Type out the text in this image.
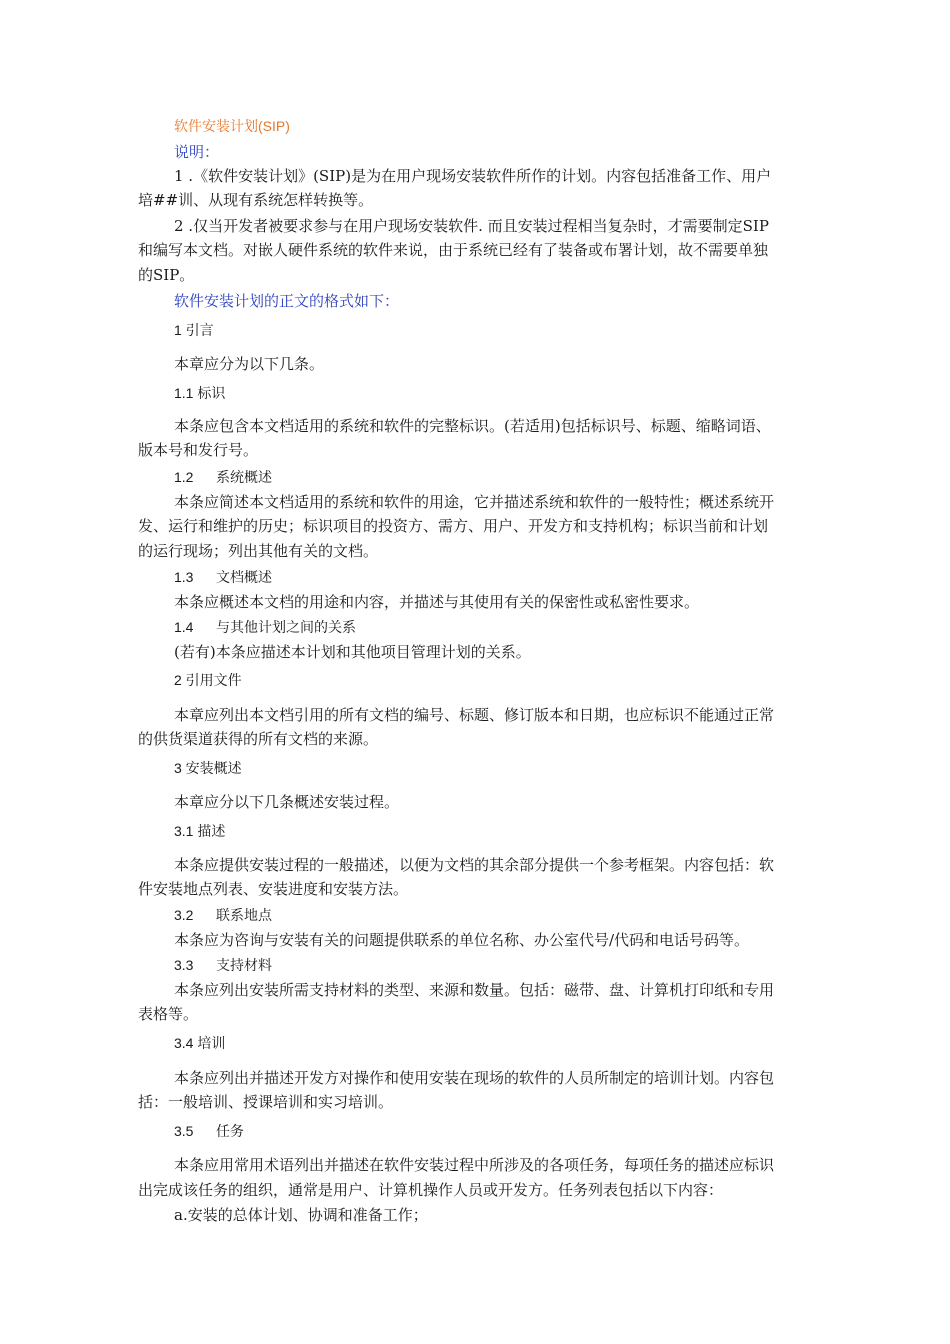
软件安装计划(SIP)
说明：
1 .《软件安装计划》(SIP)是为在用户现场安装软件所作的计划。内容包括准备工作、用户
培##训、从现有系统怎样转换等。
2 .仅当开发者被要求参与在用户现场安装软件. 而且安装过程相当复杂时，才需要制定SIP
和编写本文档。对嵌人硬件系统的软件来说，由于系统已经有了装备或布署计划，故不需要单独
的SIP。
软件安装计划的正文的格式如下：
1 引言
本章应分为以下几条。
1.1 标识
本条应包含本文档适用的系统和软件的完整标识。(若适用)包括标识号、标题、缩略词语、
版本号和发行号。
1.2 系统概述
本条应简述本文档适用的系统和软件的用途，它并描述系统和软件的一般特性；概述系统开
发、运行和维护的历史；标识项目的投资方、需方、用户、开发方和支持机构；标识当前和计划
的运行现场；列出其他有关的文档。
1.3 文档概述
本条应概述本文档的用途和内容，并描述与其使用有关的保密性或私密性要求。
1.4 与其他计划之间的关系
(若有)本条应描述本计划和其他项目管理计划的关系。
2 引用文件
本章应列出本文档引用的所有文档的编号、标题、修订版本和日期，也应标识不能通过正常
的供货渠道获得的所有文档的来源。
3 安装概述
本章应分以下几条概述安装过程。
3.1 描述
本条应提供安装过程的一般描述，以便为文档的其余部分提供一个参考框架。内容包括：软
件安装地点列表、安装进度和安装方法。
3.2 联系地点
本条应为咨询与安装有关的问题提供联系的单位名称、办公室代号/代码和电话号码等。
3.3 支持材料
本条应列出安装所需支持材料的类型、来源和数量。包括：磁带、盘、计算机打印纸和专用
表格等。
3.4 培训
本条应列出并描述开发方对操作和使用安装在现场的软件的人员所制定的培训计划。内容包
括：一般培训、授课培训和实习培训。
3.5 任务
本条应用常用术语列出并描述在软件安装过程中所涉及的各项任务，每项任务的描述应标识
出完成该任务的组织，通常是用户、计算机操作人员或开发方。任务列表包括以下内容：
a.安装的总体计划、协调和准备工作；
